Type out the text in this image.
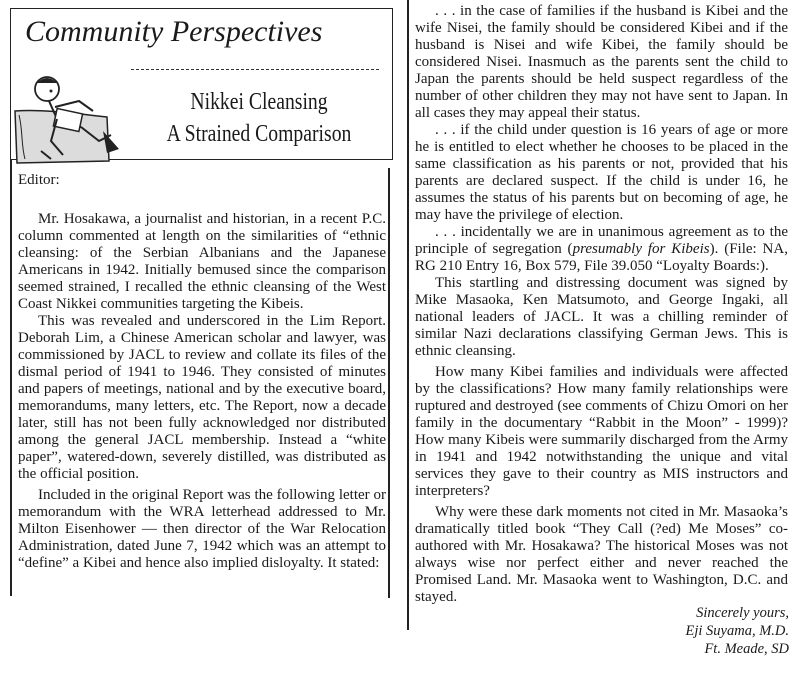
Community Perspectives
Nikkei Cleansing
A Strained Comparison
Editor:

Mr. Hosakawa, a journalist and historian, in a recent P.C. column commented at length on the similarities of “ethnic cleansing: of the Serbian Albanians and the Japanese Americans in 1942. Initially bemused since the comparison seemed strained, I recalled the ethnic cleansing of the West Coast Nikkei communities targeting the Kibeis.

This was revealed and underscored in the Lim Report. Deborah Lim, a Chinese American scholar and lawyer, was commissioned by JACL to review and collate its files of the dismal period of 1941 to 1946. They consisted of minutes and papers of meetings, national and by the executive board, memorandums, many letters, etc. The Report, now a decade later, still has not been fully acknowledged nor distributed among the general JACL membership. Instead a “white paper”, watered-down, severely distilled, was distributed as the official position.

Included in the original Report was the following letter or memorandum with the WRA letterhead addressed to Mr. Milton Eisenhower — then director of the War Relocation Administration, dated June 7, 1942 which was an attempt to “define” a Kibei and hence also implied disloyalty. It stated:

. . . in the case of families if the husband is Kibei and the wife Nisei, the family should be considered Kibei and if the husband is Nisei and wife Kibei, the family should be considered Nisei. Inasmuch as the parents sent the child to Japan the parents should be held suspect regardless of the number of other children they may not have sent to Japan. In all cases they may appeal their status.

. . . if the child under question is 16 years of age or more he is entitled to elect whether he chooses to be placed in the same classification as his parents or not, provided that his parents are declared suspect. If the child is under 16, he assumes the status of his parents but on becoming of age, he may have the privilege of election.

. . . incidentally we are in unanimous agreement as to the principle of segregation (presumably for Kibeis). (File: NA, RG 210 Entry 16, Box 579, File 39.050 “Loyalty Boards:).

This startling and distressing document was signed by Mike Masaoka, Ken Matsumoto, and George Ingaki, all national leaders of JACL. It was a chilling reminder of similar Nazi declarations classifying German Jews. This is ethnic cleansing.

How many Kibei families and individuals were affected by the classifications? How many family relationships were ruptured and destroyed (see comments of Chizu Omori on her family in the documentary “Rabbit in the Moon” - 1999)? How many Kibeis were summarily discharged from the Army in 1941 and 1942 notwithstanding the unique and vital services they gave to their country as MIS instructors and interpreters?

Why were these dark moments not cited in Mr. Masaoka’s dramatically titled book “They Call (?ed) Me Moses” co-authored with Mr. Hosakawa? The historical Moses was not always wise nor perfect either and never reached the Promised Land. Mr. Masaoka went to Washington, D.C. and stayed.

Sincerely yours,
Eji Suyama, M.D.
Ft. Meade, SD
